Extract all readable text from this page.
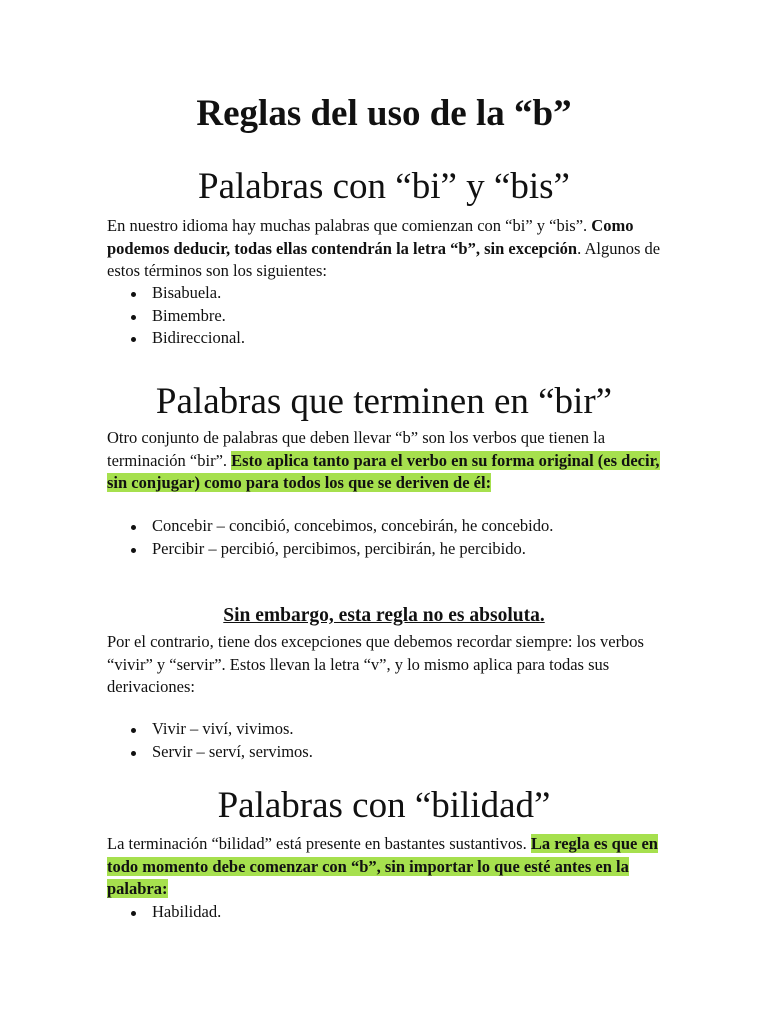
Reglas del uso de la “b”
Palabras con “bi” y “bis”

En nuestro idioma hay muchas palabras que comienzan con “bi” y “bis”. Como podemos deducir, todas ellas contendrán la letra “b”, sin excepción. Algunos de estos términos son los siguientes:

Bisabuela.
Bimembre.
Bidireccional.
Palabras que terminen en “bir”

Otro conjunto de palabras que deben llevar “b” son los verbos que tienen la terminación “bir”. Esto aplica tanto para el verbo en su forma original (es decir, sin conjugar) como para todos los que se deriven de él:

Concebir – concibió, concebimos, concebirán, he concebido.
Percibir – percibió, percibimos, percibirán, he percibido.
Sin embargo, esta regla no es absoluta.

Por el contrario, tiene dos excepciones que debemos recordar siempre: los verbos “vivir” y “servir”. Estos llevan la letra “v”, y lo mismo aplica para todas sus derivaciones:

Vivir – viví, vivimos.
Servir – serví, servimos.
Palabras con “bilidad”

La terminación “bilidad” está presente en bastantes sustantivos. La regla es que en todo momento debe comenzar con “b”, sin importar lo que esté antes en la palabra:

Habilidad.
